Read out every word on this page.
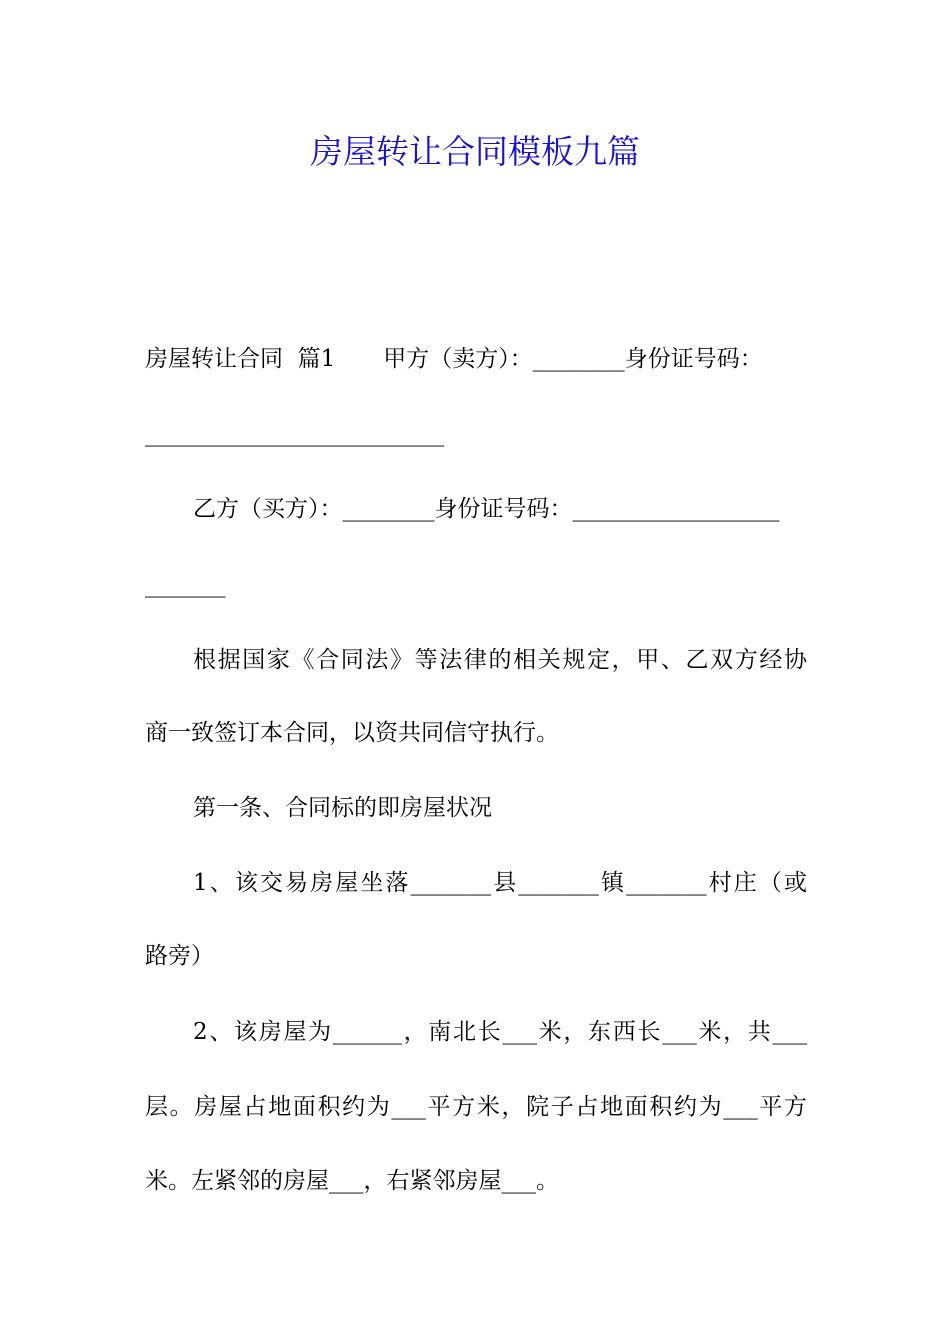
房屋转让合同模板九篇
房屋转让合同  篇1 甲方（卖方）：________身份证号码：
__________________________
乙方（买方）：________身份证号码：__________________
_______
根据国家《合同法》等法律的相关规定，甲、乙双方经协
商一致签订本合同，以资共同信守执行。
第一条、合同标的即房屋状况
1、该交易房屋坐落_______县_______镇_______村庄（或
路旁）
2、该房屋为______，南北长___米，东西长___米，共___
层。房屋占地面积约为___平方米，院子占地面积约为___平方
米。左紧邻的房屋___，右紧邻房屋___。
